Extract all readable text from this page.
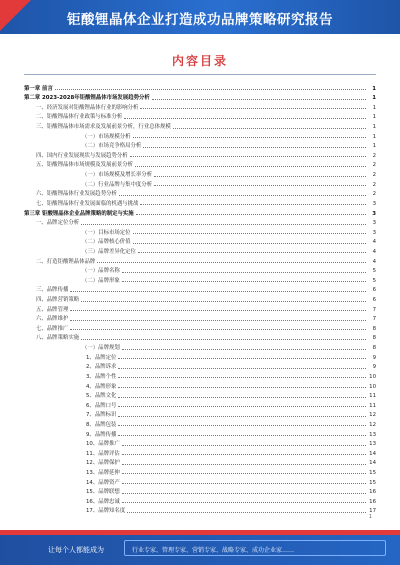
钜酸锂晶体企业打造成功品牌策略研究报告
内容目录
第一章 前言	1
第二章 2023-2028年钜酸锂晶体市场发展趋势分析	1
一、经济发展对钜酸锂晶体行业的影响分析	1
二、钜酸锂晶体行业政策与标准分析	1
三、钜酸锂晶体市场需求及发展前景分析，行业总体规模	1
（一）市场规模分析	1
（二）市场竞争格局分析	1
四、国内行业发展现状与发展趋势分析	2
五、钜酸锂晶体市场规模及发展前景分析	2
（一）市场规模及增长率分析	2
（二）行业品牌与集中度分析	2
六、钜酸锂晶体行业发展趋势分析	2
七、钜酸锂晶体行业发展面临的机遇与挑战	3
第三章 钜酸锂晶体企业品牌策略的制定与实施	3
一、品牌定位分析	3
（一）目标市场定位	3
（二）品牌核心价值	4
（三）品牌差异化定位	4
二、打造钜酸锂晶体品牌	4
（一）品牌名称	5
（二）品牌形象	5
三、品牌传播	6
四、品牌营销策略	6
五、品牌管理	7
六、品牌维护	7
七、品牌推广	8
八、品牌策略实施	8
（一）品牌规划	8
1、品牌定位	9
2、品牌诉求	9
3、品牌个性	10
4、品牌形象	10
5、品牌文化	11
6、品牌口号	11
7、品牌标识	12
8、品牌包装	12
9、品牌传播	13
10、品牌推广	13
11、品牌评估	14
12、品牌保护	14
13、品牌延伸	15
14、品牌资产	15
15、品牌联想	16
16、品牌忠诚	16
17、品牌知名度	17
1
让每个人都能成为	行业专家、管理专家、营销专家、战略专家、成功企业家……
